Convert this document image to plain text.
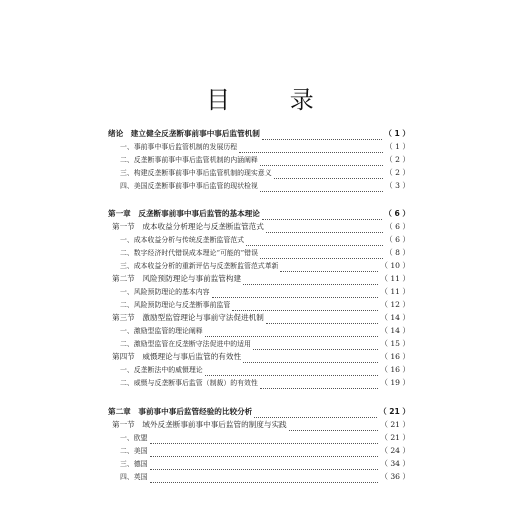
目 录
绪论　建立健全反垄断事前事中事后监管机制	（ 1 ）
一、事前事中事后监管机制的发展历程	（ 1 ）
二、反垄断事前事中事后监管机制的内涵阐释	（ 2 ）
三、构建反垄断事前事中事后监管机制的现实意义	（ 2 ）
四、美国反垄断事前事中事后监管的现状检视	（ 3 ）
第一章　反垄断事前事中事后监管的基本理论	（ 6 ）
第一节　成本收益分析理论与反垄断监管范式	（ 6 ）
一、成本收益分析与传统反垄断监管范式	（ 6 ）
二、数字经济时代错误成本理论“可能的”错误	（ 8 ）
三、成本收益分析的重新评估与反垄断监管范式革新	（ 10 ）
第二节　风险预防理论与事前监管构建	（ 11 ）
一、风险预防理论的基本内容	（ 11 ）
二、风险预防理论与反垄断事前监管	（ 12 ）
第三节　激励型监管理论与事前守法促进机制	（ 14 ）
一、激励型监管的理论阐释	（ 14 ）
二、激励型监管在反垄断守法促进中的适用	（ 15 ）
第四节　威慑理论与事后监管的有效性	（ 16 ）
一、反垄断法中的威慑理论	（ 16 ）
二、威慑与反垄断事后监管（制裁）的有效性	（ 19 ）
第二章　事前事中事后监管经验的比较分析	（ 21 ）
第一节　域外反垄断事前事中事后监管的制度与实践	（ 21 ）
一、欧盟	（ 21 ）
二、美国	（ 24 ）
三、德国	（ 34 ）
四、英国	（ 36 ）
